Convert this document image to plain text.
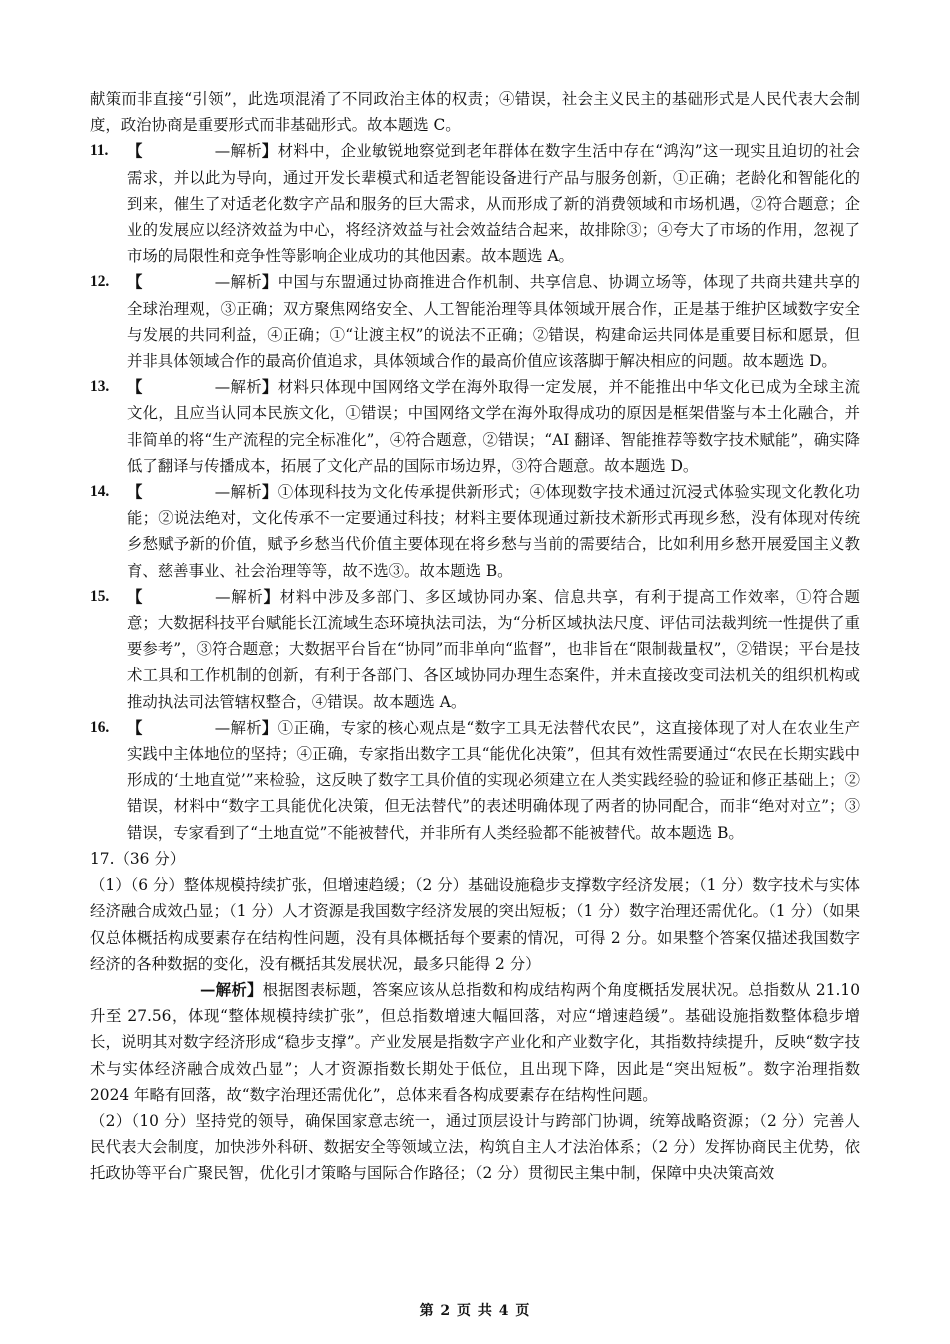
献策而非直接“引领”，此选项混淆了不同政治主体的权责；④错误，社会主义民主的基础形式是人民代表大会制度，政治协商是重要形式而非基础形式。故本题选 C。

11. 【	—解析】材料中，企业敏锐地察觉到老年群体在数字生活中存在“鸿沟”这一现实且迫切的社会需求，并以此为导向，通过开发长辈模式和适老智能设备进行产品与服务创新，①正确；老龄化和智能化的到来，催生了对适老化数字产品和服务的巨大需求，从而形成了新的消费领域和市场机遇，②符合题意；企业的发展应以经济效益为中心，将经济效益与社会效益结合起来，故排除③；④夸大了市场的作用，忽视了市场的局限性和竞争性等影响企业成功的其他因素。故本题选 A。
12. 【	—解析】中国与东盟通过协商推进合作机制、共享信息、协调立场等，体现了共商共建共享的全球治理观，③正确；双方聚焦网络安全、人工智能治理等具体领域开展合作，正是基于维护区域数字安全与发展的共同利益，④正确；①“让渡主权”的说法不正确；②错误，构建命运共同体是重要目标和愿景，但并非具体领域合作的最高价值追求，具体领域合作的最高价值应该落脚于解决相应的问题。故本题选 D。
13. 【	—解析】材料只体现中国网络文学在海外取得一定发展，并不能推出中华文化已成为全球主流文化，且应当认同本民族文化，①错误；中国网络文学在海外取得成功的原因是框架借鉴与本土化融合，并非简单的将“生产流程的完全标准化”，④符合题意，②错误；“AI 翻译、智能推荐等数字技术赋能”，确实降低了翻译与传播成本，拓展了文化产品的国际市场边界，③符合题意。故本题选 D。
14. 【	—解析】①体现科技为文化传承提供新形式；④体现数字技术通过沉浸式体验实现文化教化功能；②说法绝对，文化传承不一定要通过科技；材料主要体现通过新技术新形式再现乡愁，没有体现对传统乡愁赋予新的价值，赋予乡愁当代价值主要体现在将乡愁与当前的需要结合，比如利用乡愁开展爱国主义教育、慈善事业、社会治理等等，故不选③。故本题选 B。
15. 【	—解析】材料中涉及多部门、多区域协同办案、信息共享，有利于提高工作效率，①符合题意；大数据科技平台赋能长江流域生态环境执法司法，为“分析区域执法尺度、评估司法裁判统一性提供了重要参考”，③符合题意；大数据平台旨在“协同”而非单向“监督”，也非旨在“限制裁量权”，②错误；平台是技术工具和工作机制的创新，有利于各部门、各区域协同办理生态案件，并未直接改变司法机关的组织机构或推动执法司法管辖权整合，④错误。故本题选 A。
16. 【	—解析】①正确，专家的核心观点是“数字工具无法替代农民”，这直接体现了对人在农业生产实践中主体地位的坚持；④正确，专家指出数字工具“能优化决策”，但其有效性需要通过“农民在长期实践中形成的‘土地直觉’”来检验，这反映了数字工具价值的实现必须建立在人类实践经验的验证和修正基础上；②错误，材料中“数字工具能优化决策，但无法替代”的表述明确体现了两者的协同配合，而非“绝对对立”；③错误，专家看到了“土地直觉”不能被替代，并非所有人类经验都不能被替代。故本题选 B。

17.（36 分）

（1）（6 分）整体规模持续扩张，但增速趋缓；（2 分）基础设施稳步支撑数字经济发展；（1 分）数字技术与实体经济融合成效凸显；（1 分）人才资源是我国数字经济发展的突出短板；（1 分）数字治理还需优化。（1 分）（如果仅总体概括构成要素存在结构性问题，没有具体概括每个要素的情况，可得 2 分。如果整个答案仅描述我国数字经济的各种数据的变化，没有概括其发展状况，最多只能得 2 分）

—解析】根据图表标题，答案应该从总指数和构成结构两个角度概括发展状况。总指数从 21.10 升至 27.56，体现“整体规模持续扩张”，但总指数增速大幅回落，对应“增速趋缓”。基础设施指数整体稳步增长，说明其对数字经济形成“稳步支撑”。产业发展是指数字产业化和产业数字化，其指数持续提升，反映“数字技术与实体经济融合成效凸显”；人才资源指数长期处于低位，且出现下降，因此是“突出短板”。数字治理指数 2024 年略有回落，故“数字治理还需优化”，总体来看各构成要素存在结构性问题。

（2）（10 分）坚持党的领导，确保国家意志统一，通过顶层设计与跨部门协调，统筹战略资源；（2 分）完善人民代表大会制度，加快涉外科研、数据安全等领域立法，构筑自主人才法治体系；（2 分）发挥协商民主优势，依托政协等平台广聚民智，优化引才策略与国际合作路径；（2 分）贯彻民主集中制，保障中央决策高效

第 2 页 共 4 页
